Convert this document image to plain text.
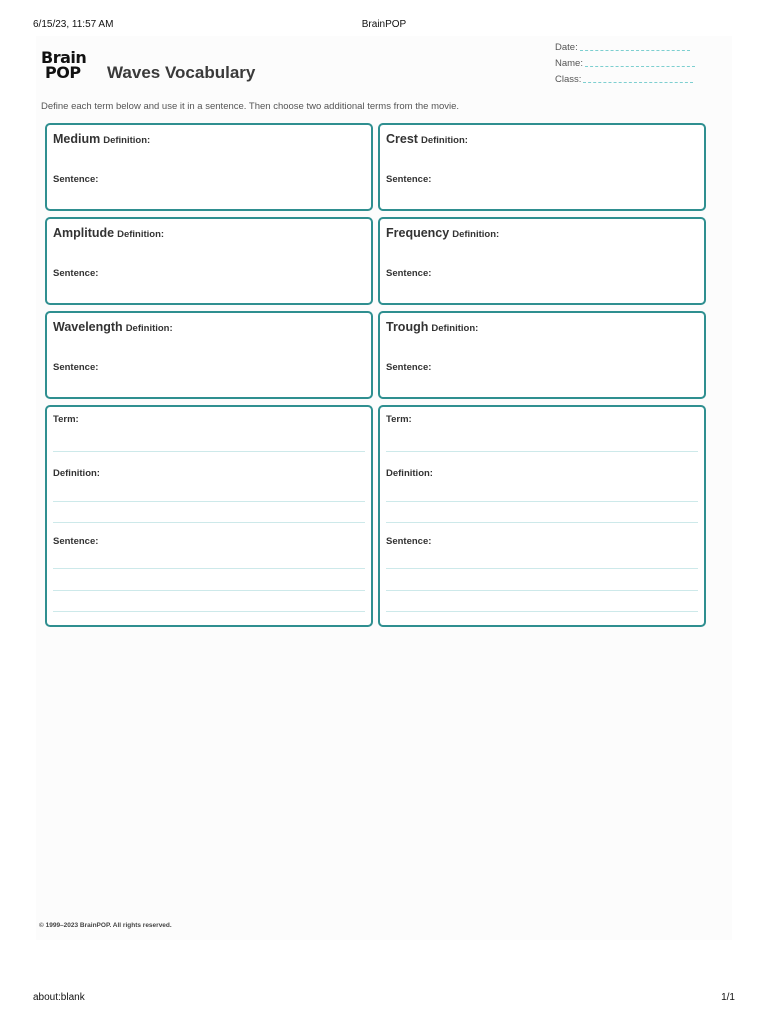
6/15/23, 11:57 AM	BrainPOP
Brain
POP	Waves Vocabulary
Date:
Name:
Class:
Define each term below and use it in a sentence. Then choose two additional terms from the movie.
Medium Definition:
Sentence:
Crest Definition:
Sentence:
Amplitude Definition:
Sentence:
Frequency Definition:
Sentence:
Wavelength Definition:
Sentence:
Trough Definition:
Sentence:
Term:
Definition:
Sentence:
Term:
Definition:
Sentence:
© 1999–2023 BrainPOP. All rights reserved.
about:blank	1/1
